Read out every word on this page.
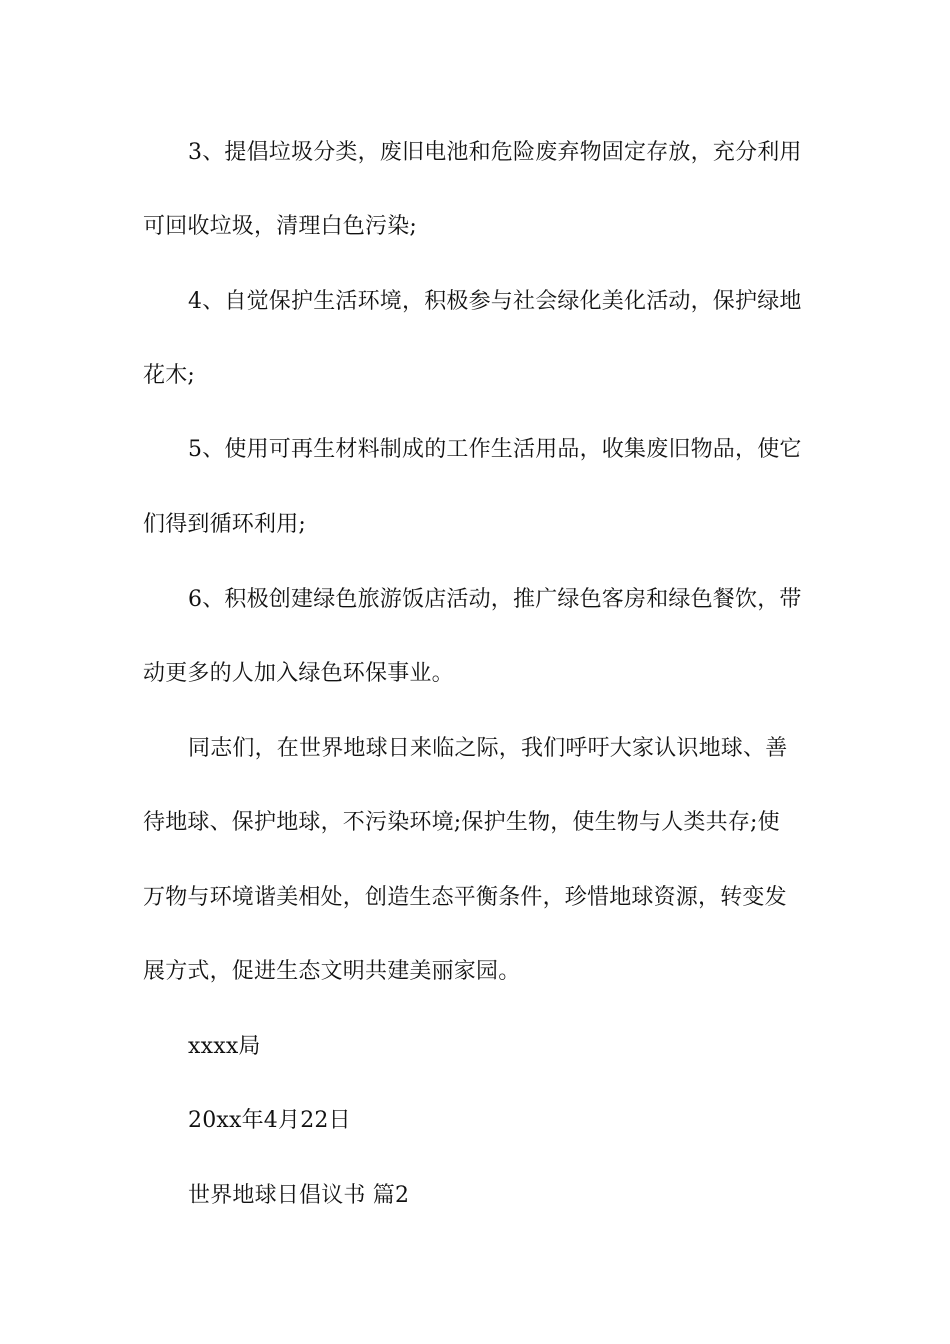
3、提倡垃圾分类，废旧电池和危险废弃物固定存放，充分利用
可回收垃圾，清理白色污染;
4、自觉保护生活环境，积极参与社会绿化美化活动，保护绿地
花木;
5、使用可再生材料制成的工作生活用品，收集废旧物品，使它
们得到循环利用;
6、积极创建绿色旅游饭店活动，推广绿色客房和绿色餐饮，带
动更多的人加入绿色环保事业。
同志们，在世界地球日来临之际，我们呼吁大家认识地球、善
待地球、保护地球，不污染环境;保护生物，使生物与人类共存;使
万物与环境谐美相处，创造生态平衡条件，珍惜地球资源，转变发
展方式，促进生态文明共建美丽家园。
xxxx局
20xx年4月22日
世界地球日倡议书 篇2
